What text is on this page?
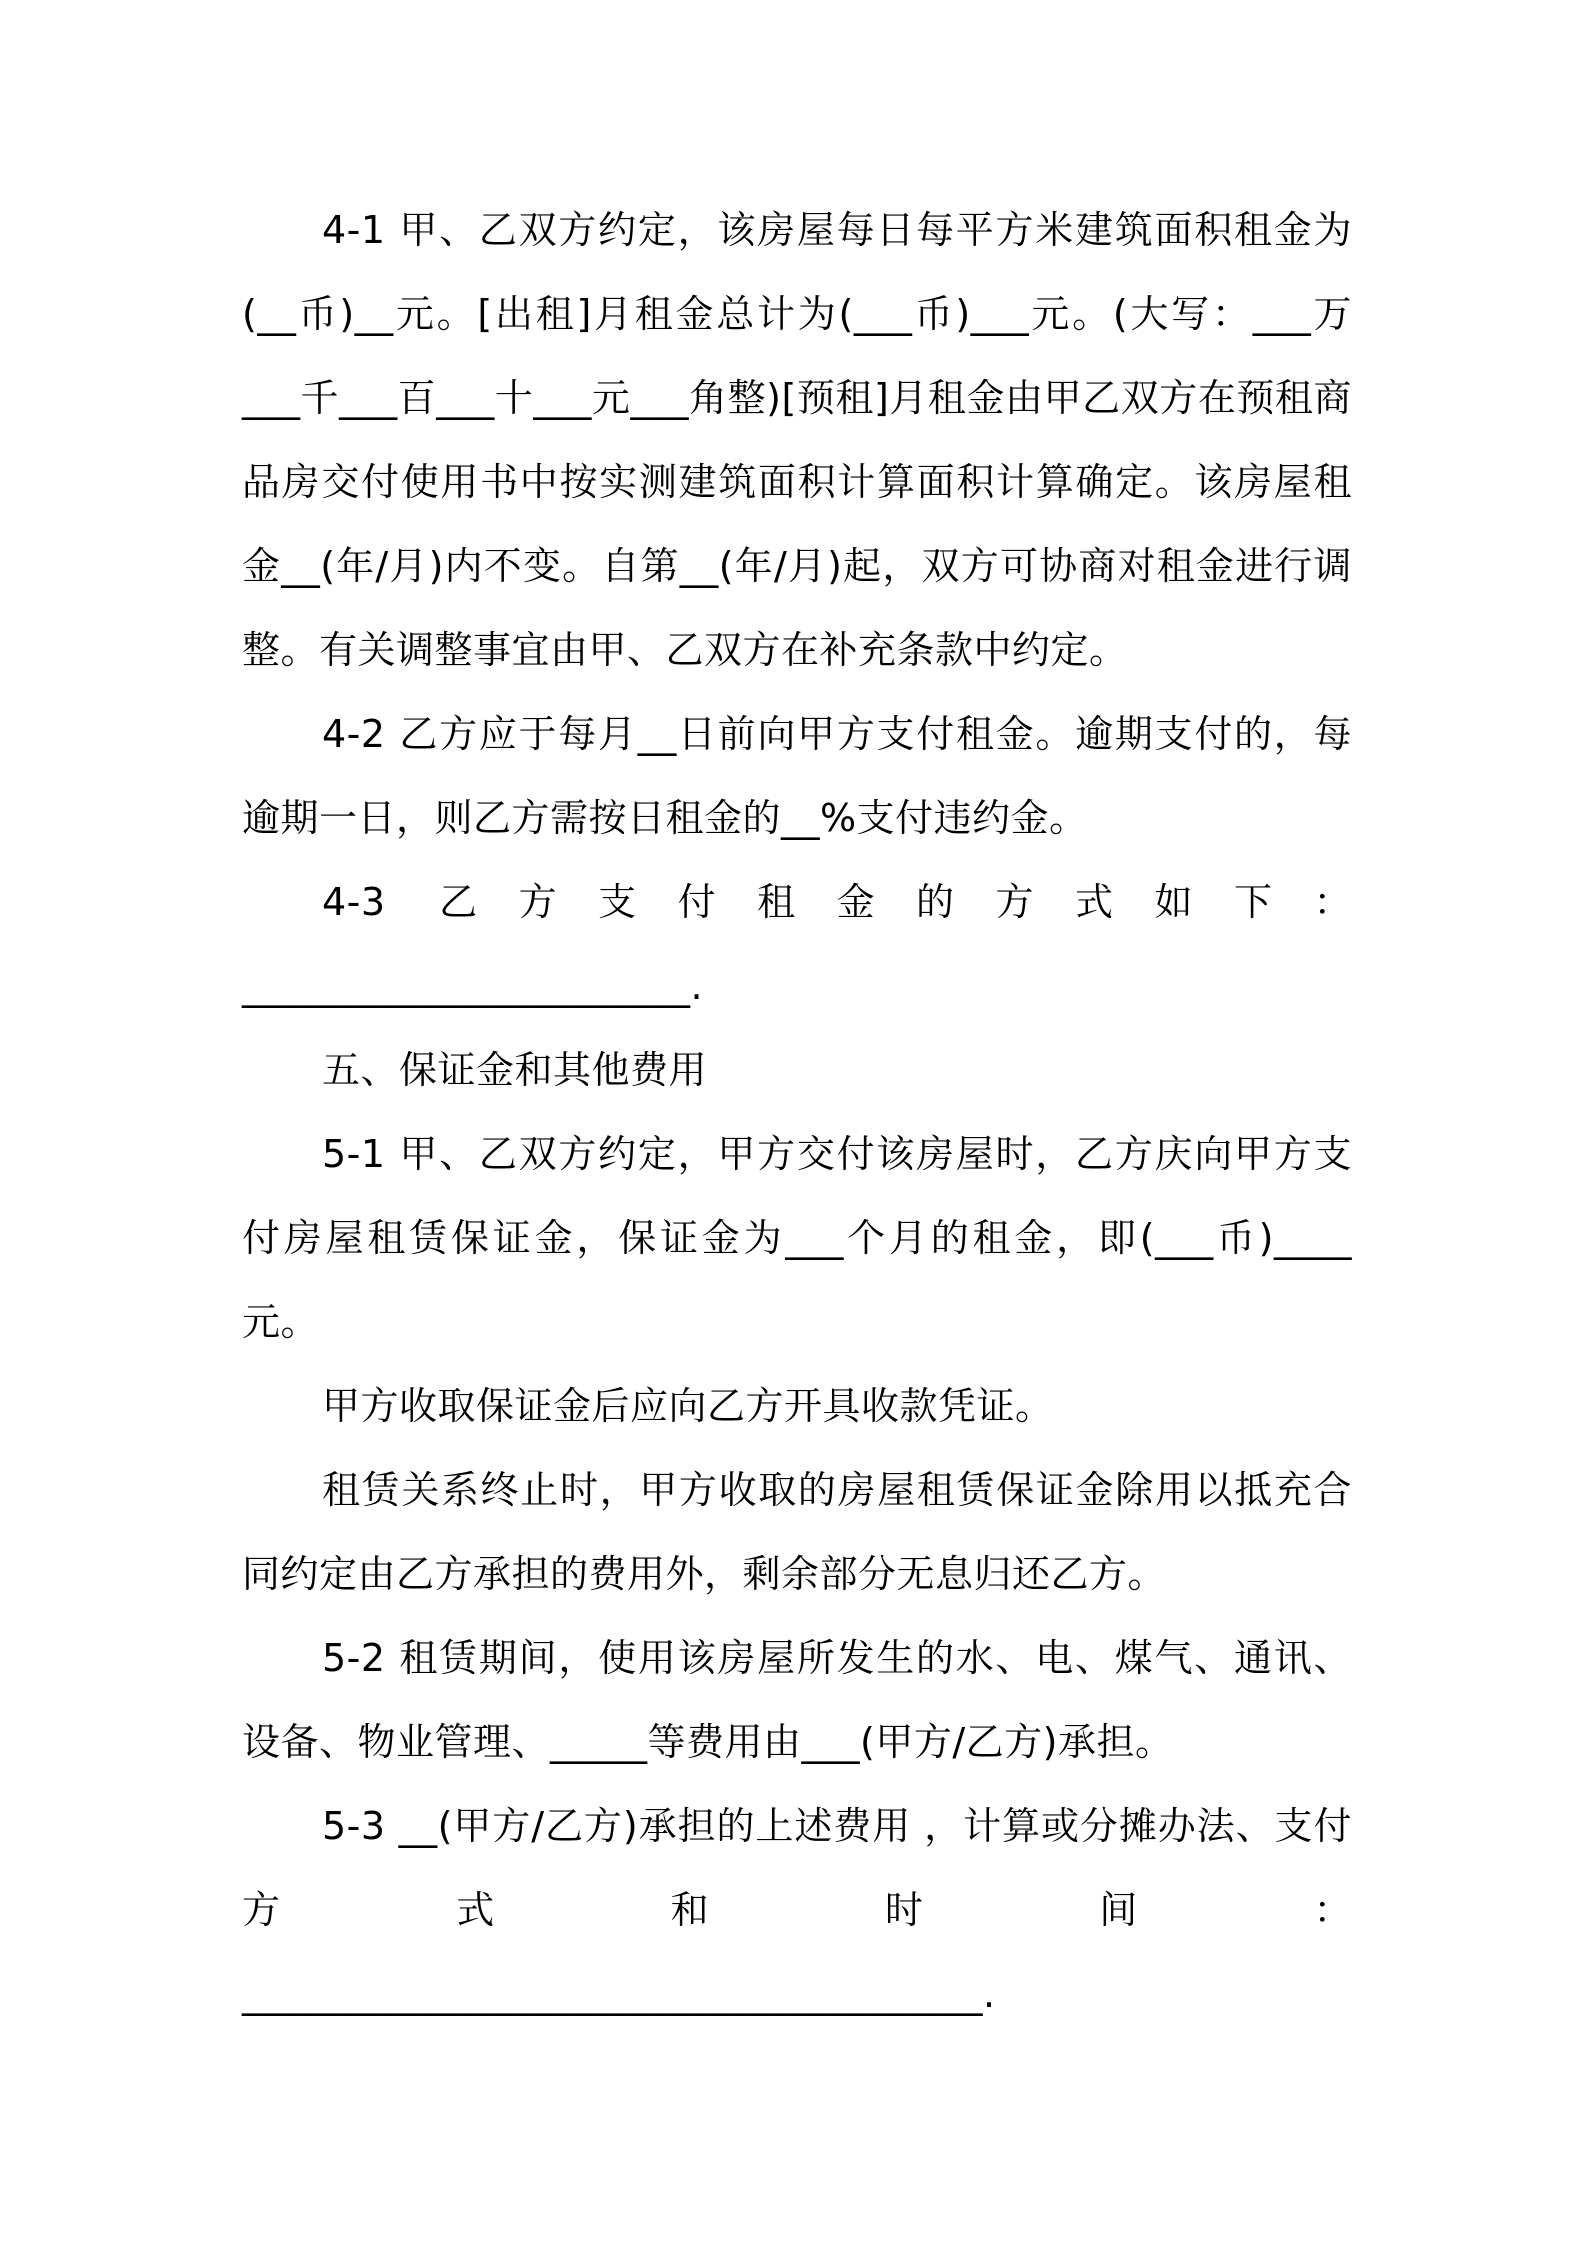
4-1 甲、乙双方约定，该房屋每日每平方米建筑面积租金为(__币)__元。[出租]月租金总计为(___币)___元。(大写：___万___千___百___十___元___角整)[预租]月租金由甲乙双方在预租商品房交付使用书中按实测建筑面积计算面积计算确定。该房屋租金__(年/月)内不变。自第__(年/月)起，双方可协商对租金进行调整。有关调整事宜由甲、乙双方在补充条款中约定。

4-2 乙方应于每月__日前向甲方支付租金。逾期支付的，每逾期一日，则乙方需按日租金的__%支付违约金。

4-3 乙方支付租金的方式如下：

_______________________.

五、保证金和其他费用

5-1 甲、乙双方约定，甲方交付该房屋时，乙方庆向甲方支付房屋租赁保证金，保证金为___个月的租金，即(___币)____元。

甲方收取保证金后应向乙方开具收款凭证。

租赁关系终止时，甲方收取的房屋租赁保证金除用以抵充合同约定由乙方承担的费用外，剩余部分无息归还乙方。

5-2 租赁期间，使用该房屋所发生的水、电、煤气、通讯、设备、物业管理、_____等费用由___(甲方/乙方)承担。

5-3 __(甲方/乙方)承担的上述费用 ，计算或分摊办法、支付方式和时间：

______________________________________.
